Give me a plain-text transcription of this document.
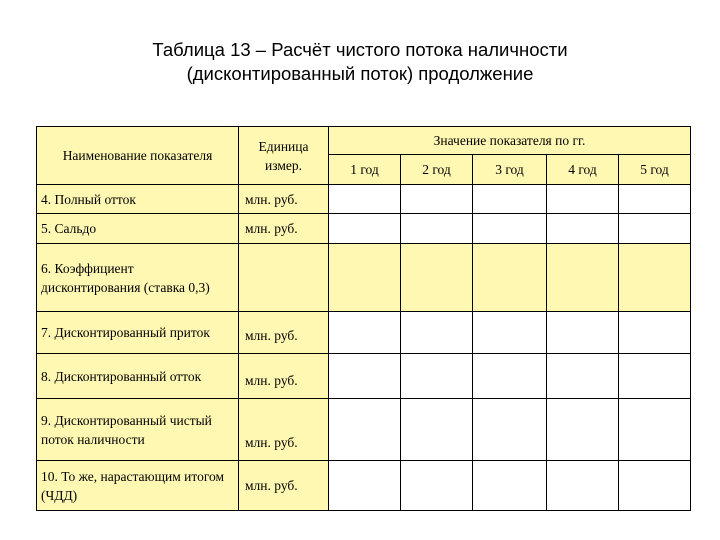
Таблица 13 – Расчёт чистого потока наличности
(дисконтированный поток) продолжение
Наименование показателя	Единица измер.	Значение показателя по гг.				
		1 год	2 год	3 год	4 год	5 год
4. Полный отток	млн. руб.					
5. Сальдо	млн. руб.					
6. Коэффициент дисконтирования (ставка 0,3)						
7. Дисконтированный приток	млн. руб.					
8. Дисконтированный отток	млн. руб.					
9. Дисконтированный чистый поток наличности	млн. руб.					
10. То же, нарастающим итогом (ЧДД)	млн. руб.					
